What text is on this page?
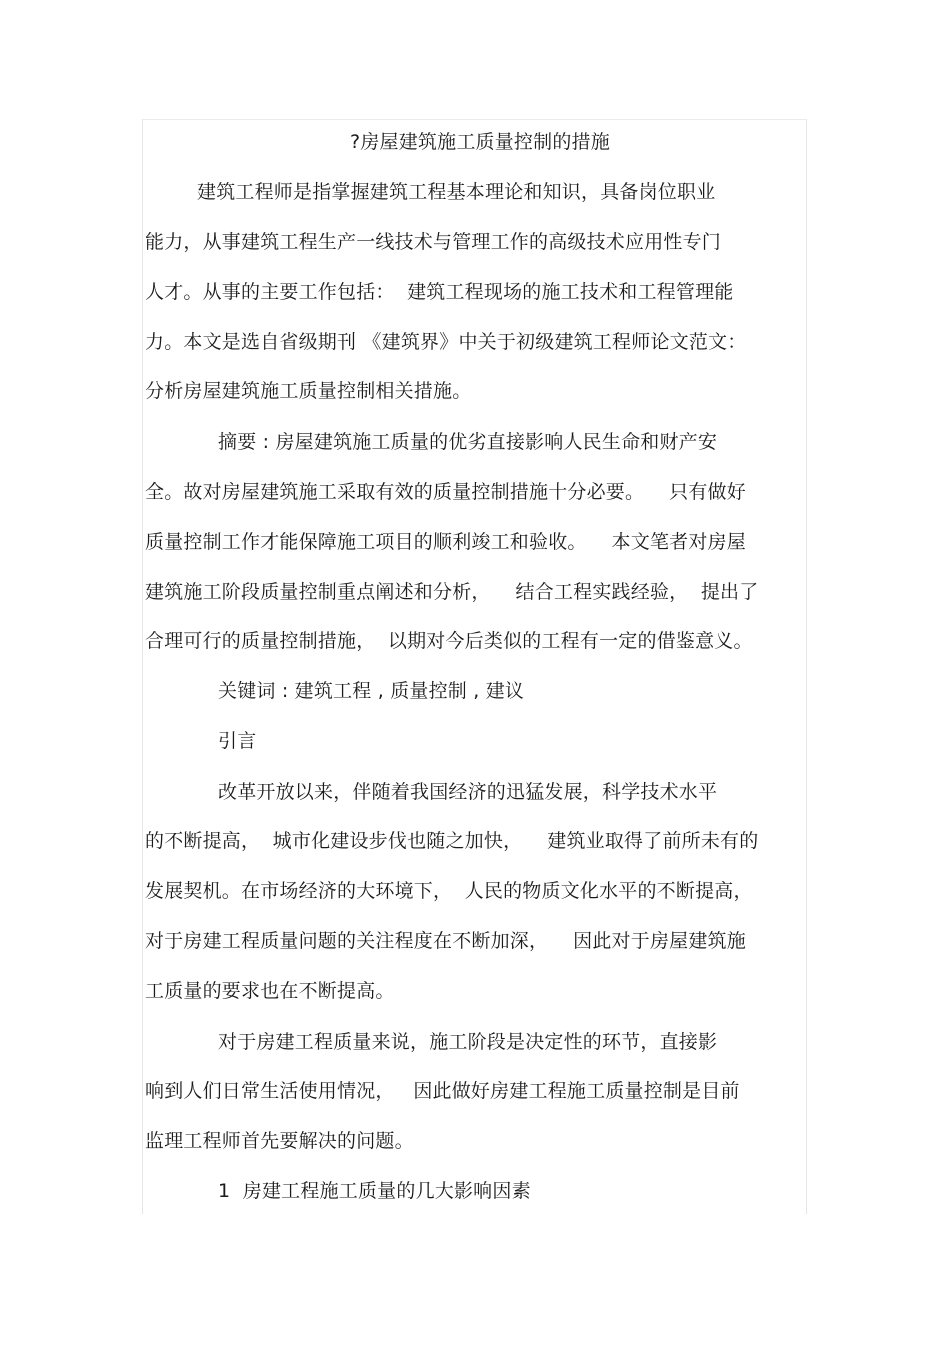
?房屋建筑施工质量控制的措施
建筑工程师是指掌握建筑工程基本理论和知识，具备岗位职业
能力，从事建筑工程生产一线技术与管理工作的高级技术应用性专门
人才。从事的主要工作包括：  建筑工程现场的施工技术和工程管理能
力。本文是选自省级期刊 《建筑界》中关于初级建筑工程师论文范文：
分析房屋建筑施工质量控制相关措施。
摘要 : 房屋建筑施工质量的优劣直接影响人民生命和财产安
全。故对房屋建筑施工采取有效的质量控制措施十分必要。    只有做好
质量控制工作才能保障施工项目的顺利竣工和验收。    本文笔者对房屋
建筑施工阶段质量控制重点阐述和分析，    结合工程实践经验，  提出了
合理可行的质量控制措施，  以期对今后类似的工程有一定的借鉴意义。
关键词 : 建筑工程 , 质量控制 , 建议
引言
改革开放以来，伴随着我国经济的迅猛发展，科学技术水平
的不断提高，  城市化建设步伐也随之加快，    建筑业取得了前所未有的
发展契机。在市场经济的大环境下，  人民的物质文化水平的不断提高，
对于房建工程质量问题的关注程度在不断加深，    因此对于房屋建筑施
工质量的要求也在不断提高。
对于房建工程质量来说，施工阶段是决定性的环节，直接影
响到人们日常生活使用情况，   因此做好房建工程施工质量控制是目前
监理工程师首先要解决的问题。
1  房建工程施工质量的几大影响因素
